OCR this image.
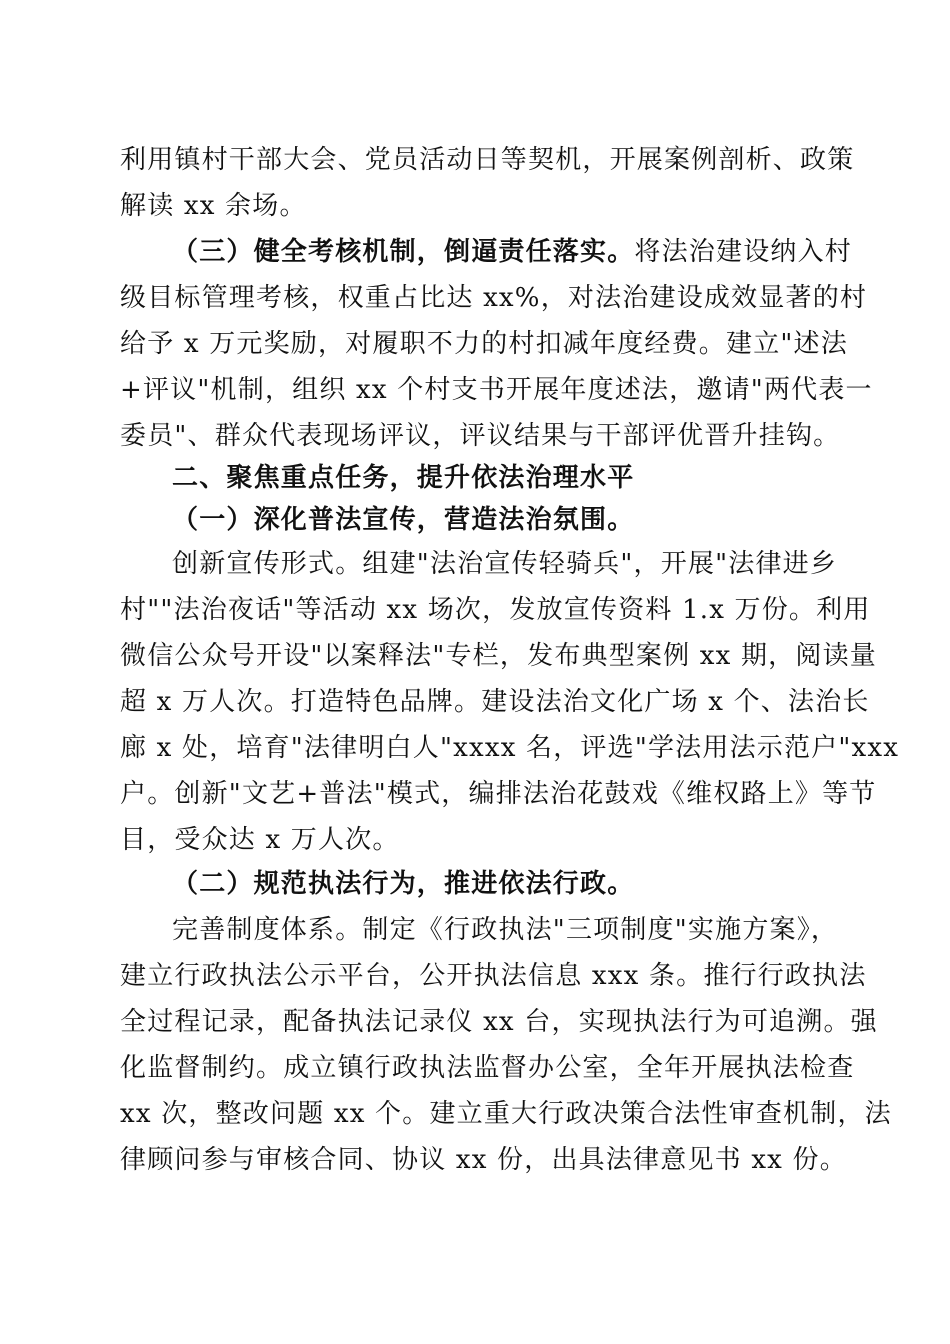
利用镇村干部大会、党员活动日等契机，开展案例剖析、政策
解读 xx 余场。
（三）健全考核机制，倒逼责任落实。将法治建设纳入村
级目标管理考核，权重占比达 xx%，对法治建设成效显著的村
给予 x 万元奖励，对履职不力的村扣减年度经费。建立"述法
+评议"机制，组织 xx 个村支书开展年度述法，邀请"两代表一
委员"、群众代表现场评议，评议结果与干部评优晋升挂钩。
二、聚焦重点任务，提升依法治理水平
（一）深化普法宣传，营造法治氛围。
创新宣传形式。组建"法治宣传轻骑兵"，开展"法律进乡
村""法治夜话"等活动 xx 场次，发放宣传资料 1.x 万份。利用
微信公众号开设"以案释法"专栏，发布典型案例 xx 期，阅读量
超 x 万人次。打造特色品牌。建设法治文化广场 x 个、法治长
廊 x 处，培育"法律明白人"xxxx 名，评选"学法用法示范户"xxx
户。创新"文艺+普法"模式，编排法治花鼓戏《维权路上》等节
目，受众达 x 万人次。
（二）规范执法行为，推进依法行政。
完善制度体系。制定《行政执法"三项制度"实施方案》，
建立行政执法公示平台，公开执法信息 xxx 条。推行行政执法
全过程记录，配备执法记录仪 xx 台，实现执法行为可追溯。强
化监督制约。成立镇行政执法监督办公室，全年开展执法检查
xx 次，整改问题 xx 个。建立重大行政决策合法性审查机制，法
律顾问参与审核合同、协议 xx 份，出具法律意见书 xx 份。
